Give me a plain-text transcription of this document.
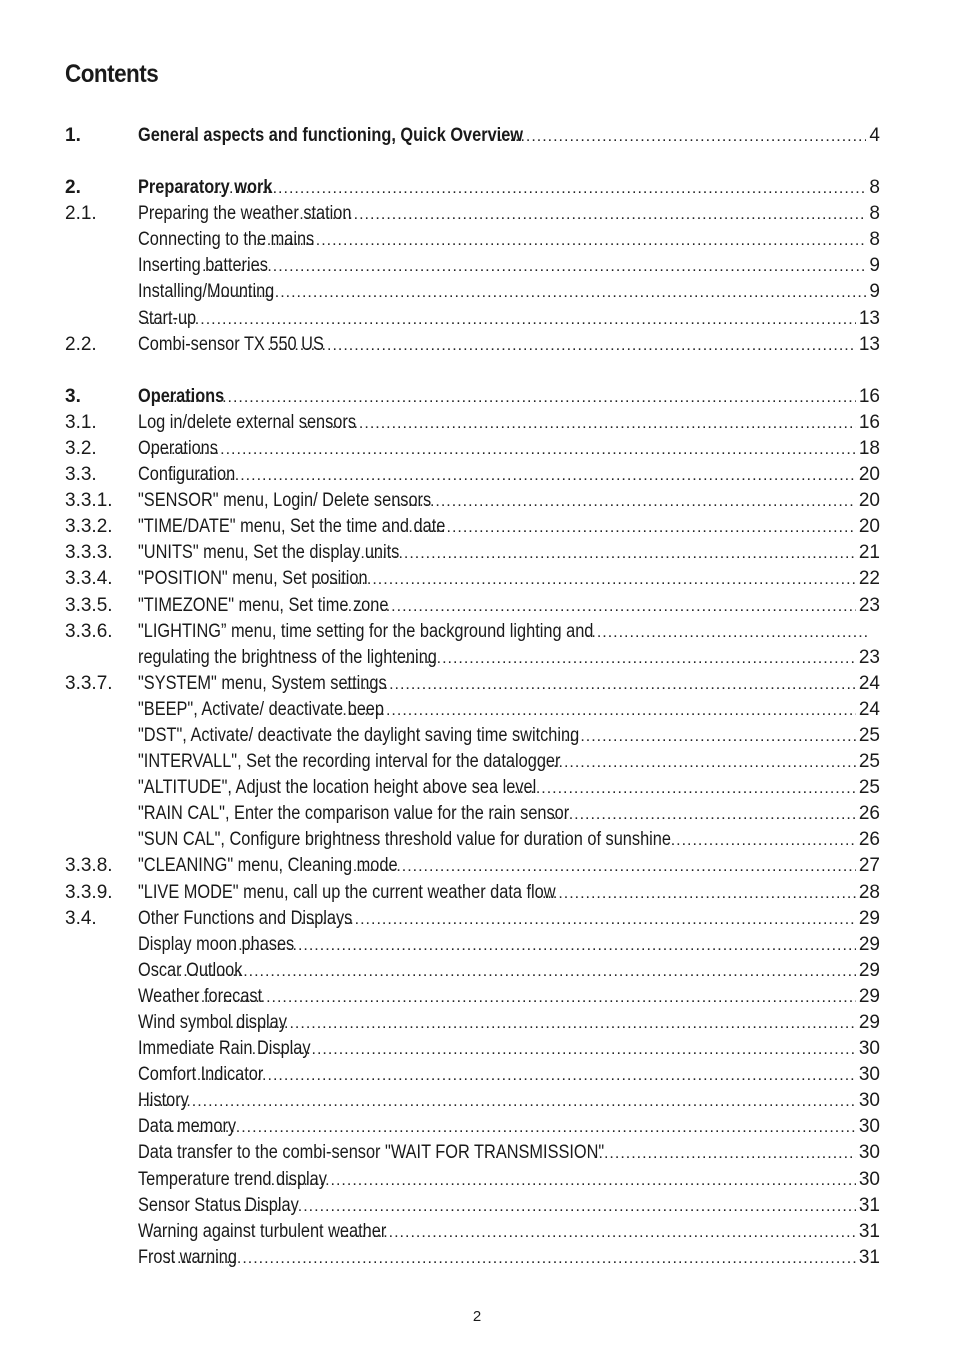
Contents
1.	General aspects and functioning, Quick Overview .....	4
2.	Preparatory work .....	8
2.1.	Preparing the weather station .....	8
Connecting to the mains .....	8
Inserting batteries .....	9
Installing/Mounting .....	9
Start-up .....	13
2.2.	Combi-sensor TX 550 US .....	13
3.	Operations .....	16
3.1.	Log in/delete external sensors .....	16
3.2.	Operations .....	18
3.3.	Configuration .....	20
3.3.1.	"SENSOR" menu, Login/ Delete sensors .....	20
3.3.2.	"TIME/DATE" menu, Set the time and date .....	20
3.3.3.	"UNITS" menu, Set the display units .....	21
3.3.4.	"POSITION" menu, Set position .....	22
3.3.5.	"TIMEZONE" menu, Set time zone .....	23
3.3.6.	"LIGHTING” menu, time setting for the background lighting and
.....
regulating the brightness of the lightening .....	23
3.3.7.	"SYSTEM" menu, System settings .....	24
"BEEP", Activate/ deactivate beep .....	24
"DST", Activate/ deactivate the daylight saving time switching .....	25
"INTERVALL", Set the recording interval for the datalogger .....	25
"ALTITUDE", Adjust the location height above sea level .....	25
"RAIN CAL", Enter the comparison value for the rain sensor .....	26
"SUN CAL", Configure brightness threshold value for duration of sunshine .....	26
3.3.8.	"CLEANING" menu, Cleaning mode .....	27
3.3.9.	"LIVE MODE" menu, call up the current weather data flow .....	28
3.4.	Other Functions and Displays .....	29
Display moon phases .....	29
Oscar Outlook .....	29
Weather forecast .....	29
Wind symbol display .....	29
Immediate Rain Display .....	30
Comfort Indicator .....	30
History .....	30
Data memory .....	30
Data transfer to the combi-sensor "WAIT FOR TRANSMISSION" .....	30
Temperature trend display .....	30
Sensor Status Display .....	31
Warning against turbulent weather .....	31
Frost warning .....	31
2
